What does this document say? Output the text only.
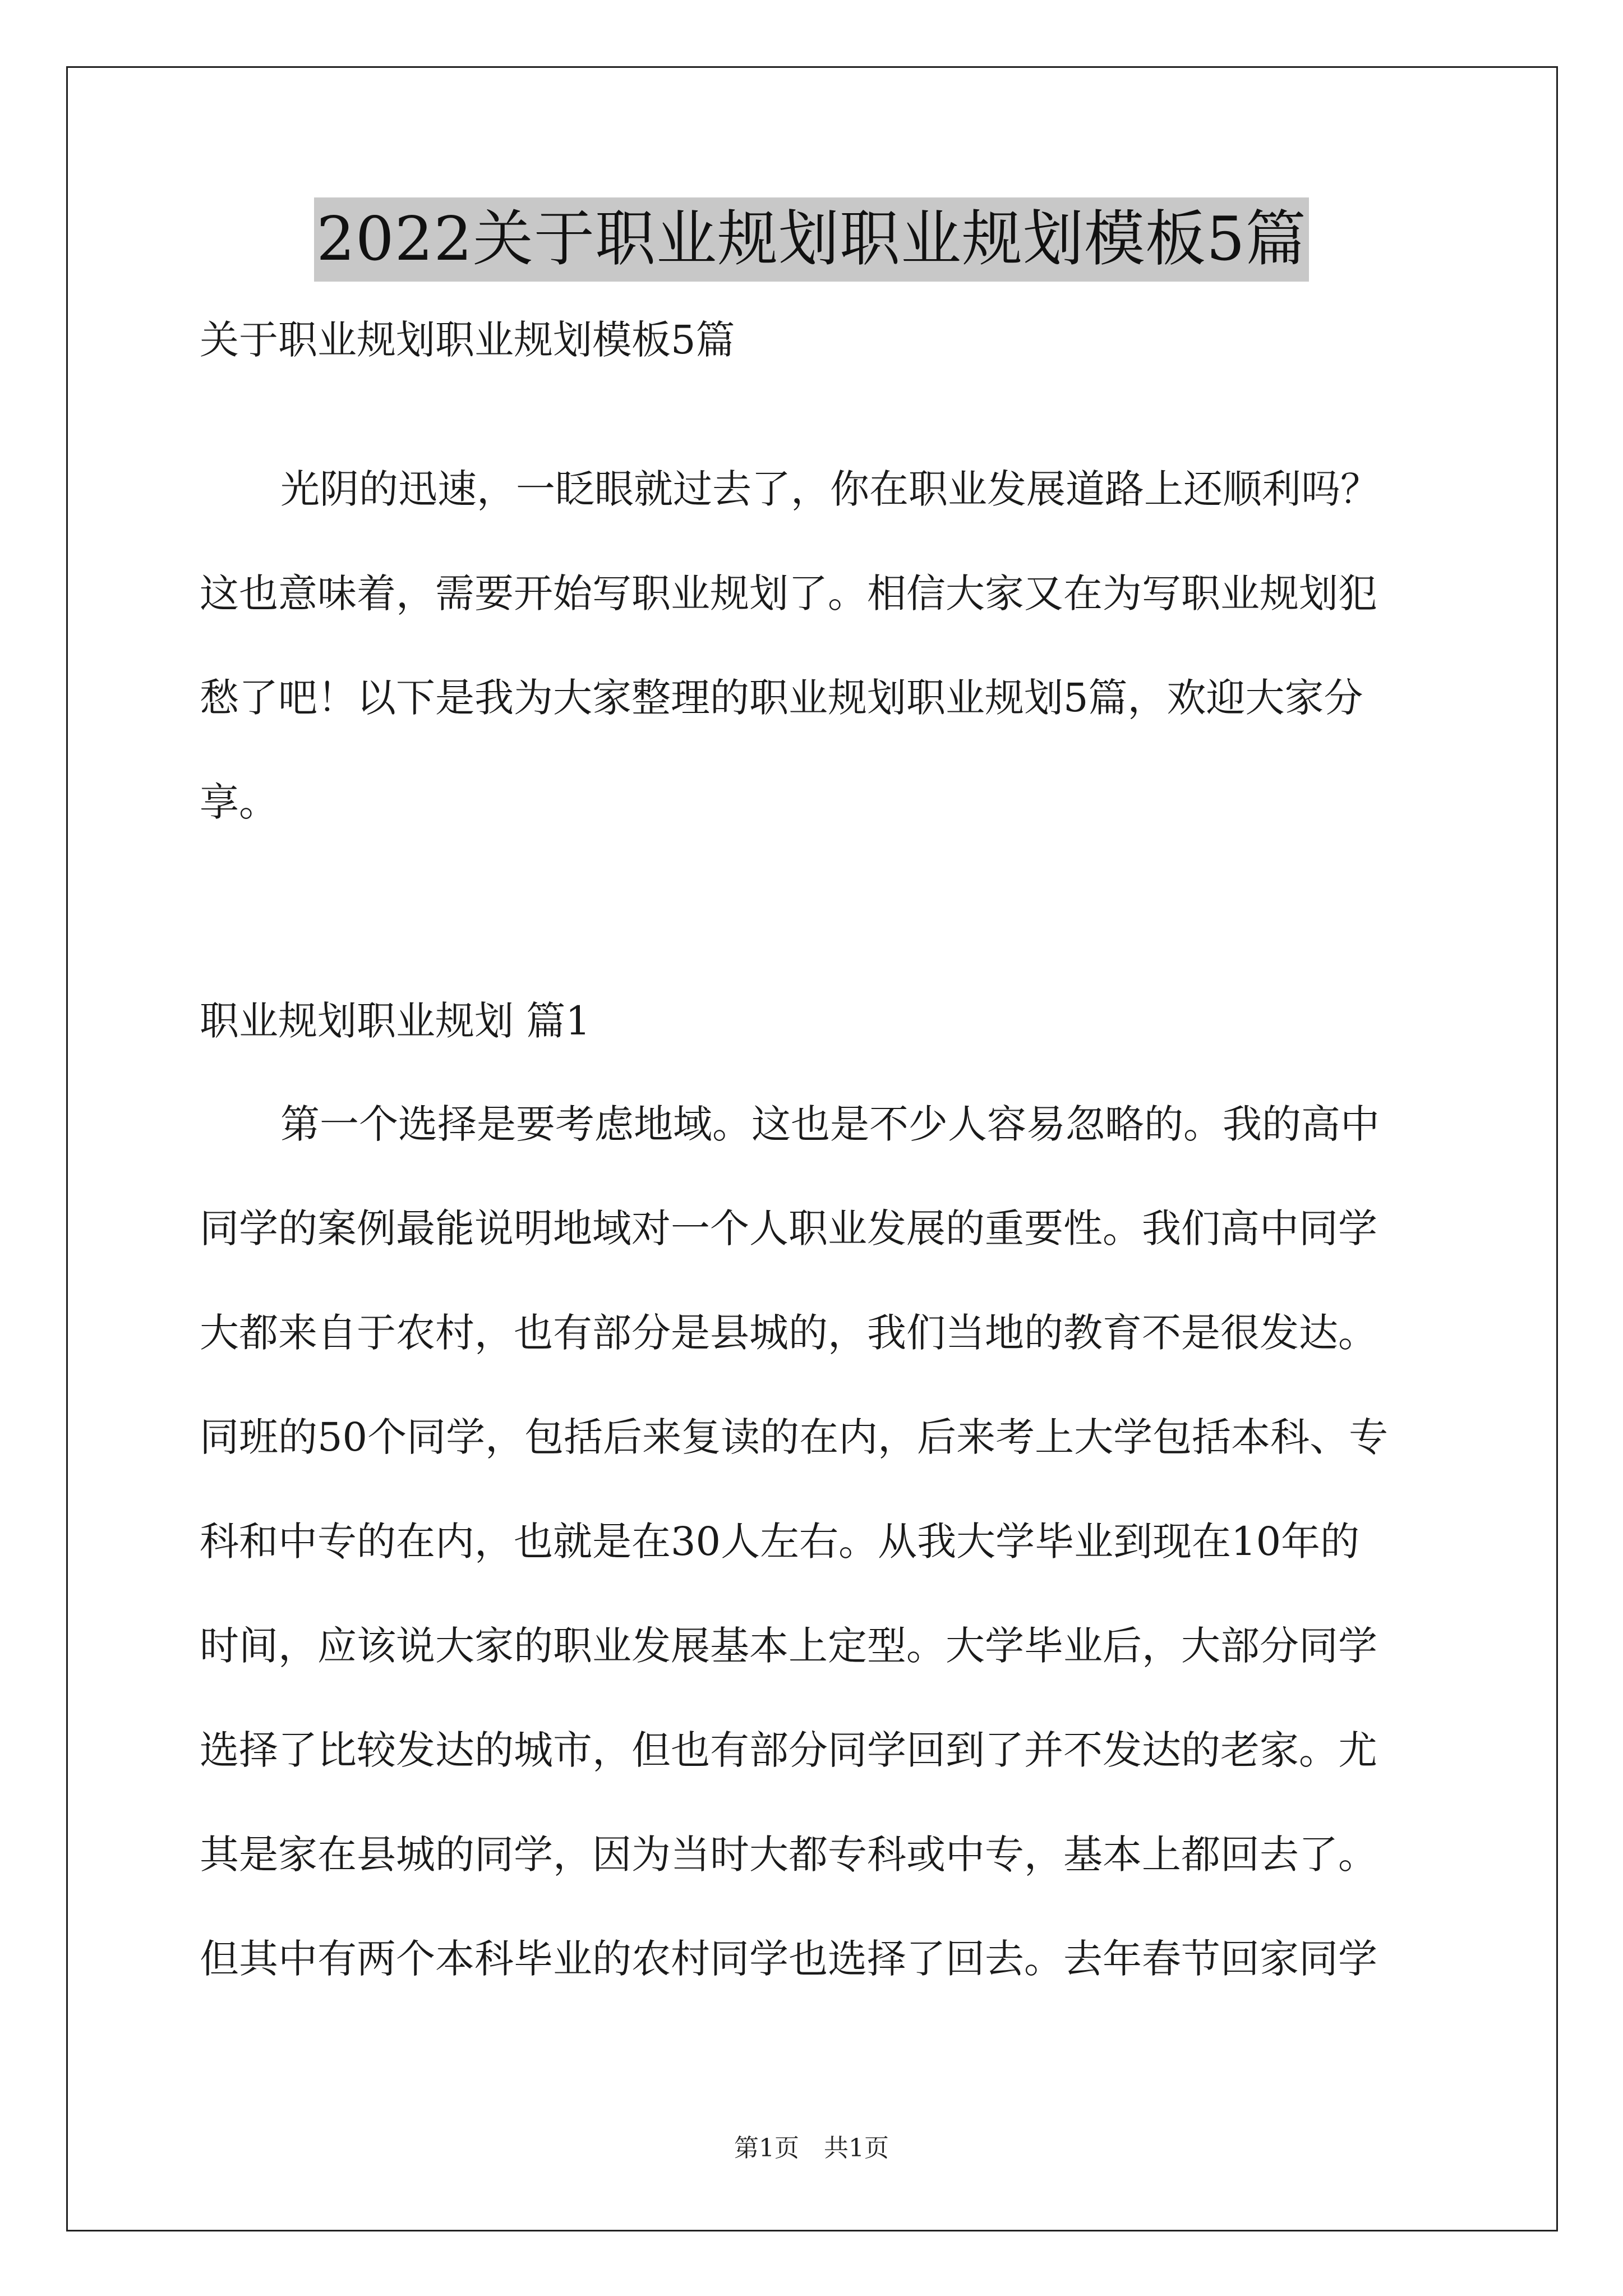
2022关于职业规划职业规划模板5篇
关于职业规划职业规划模板5篇
光阴的迅速，一眨眼就过去了，你在职业发展道路上还顺利吗？
这也意味着，需要开始写职业规划了。相信大家又在为写职业规划犯
愁了吧！以下是我为大家整理的职业规划职业规划5篇，欢迎大家分
享。
职业规划职业规划 篇1
第一个选择是要考虑地域。这也是不少人容易忽略的。我的高中
同学的案例最能说明地域对一个人职业发展的重要性。我们高中同学
大都来自于农村，也有部分是县城的，我们当地的教育不是很发达。
同班的50个同学，包括后来复读的在内，后来考上大学包括本科、专
科和中专的在内，也就是在30人左右。从我大学毕业到现在10年的
时间，应该说大家的职业发展基本上定型。大学毕业后，大部分同学
选择了比较发达的城市，但也有部分同学回到了并不发达的老家。尤
其是家在县城的同学，因为当时大都专科或中专，基本上都回去了。
但其中有两个本科毕业的农村同学也选择了回去。去年春节回家同学
第1页　共1页
